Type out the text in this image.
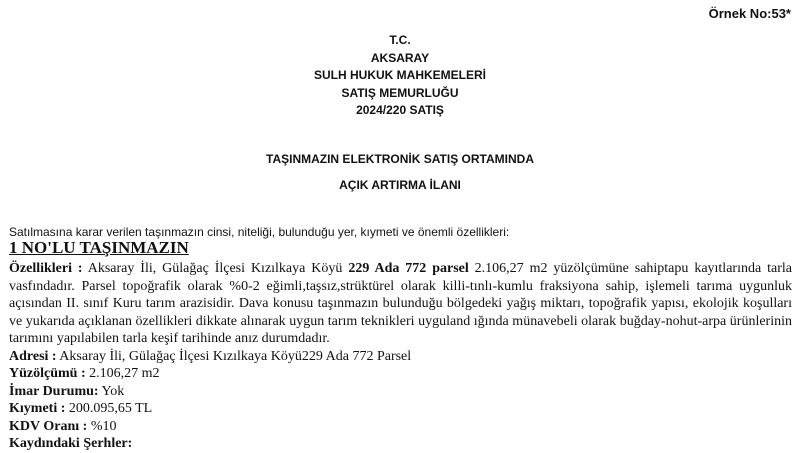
Örnek No:53*
T.C.
AKSARAY
SULH HUKUK MAHKEMELERİ
SATIŞ MEMURLUĞU
2024/220 SATIŞ
TAŞINMAZIN ELEKTRONİK SATIŞ ORTAMINDA
AÇIK ARTIRMA İLANI
Satılmasına karar verilen taşınmazın cinsi, niteliği, bulunduğu yer, kıymeti ve önemli özellikleri:
1 NO'LU TAŞINMAZIN

Özellikleri : Aksaray İli, Gülağaç İlçesi Kızılkaya Köyü 229 Ada 772 parsel 2.106,27 m2 yüzölçümüne sahiptapu kayıtlarında tarla vasfındadır. Parsel topoğrafik olarak %0-2 eğimli,taşsız,strüktürel olarak killi-tınlı-kumlu fraksiyona sahip, işlemeli tarıma uygunluk açısından II. sınıf Kuru tarım arazisidir. Dava konusu taşınmazın bulunduğu bölgedeki yağış miktarı, topoğrafik yapısı, ekolojik koşulları ve yukarıda açıklanan özellikleri dikkate alınarak uygun tarım teknikleri uyguland ığında münavebeli olarak buğday-nohut-arpa ürünlerinin tarımını yapılabilen tarla keşif tarihinde anız durumdadır.

Adresi : Aksaray İli, Gülağaç İlçesi Kızılkaya Köyü229 Ada 772 Parsel

Yüzölçümü : 2.106,27 m2

İmar Durumu: Yok

Kıymeti : 200.095,65 TL

KDV Oranı : %10

Kaydındaki Şerhler:
